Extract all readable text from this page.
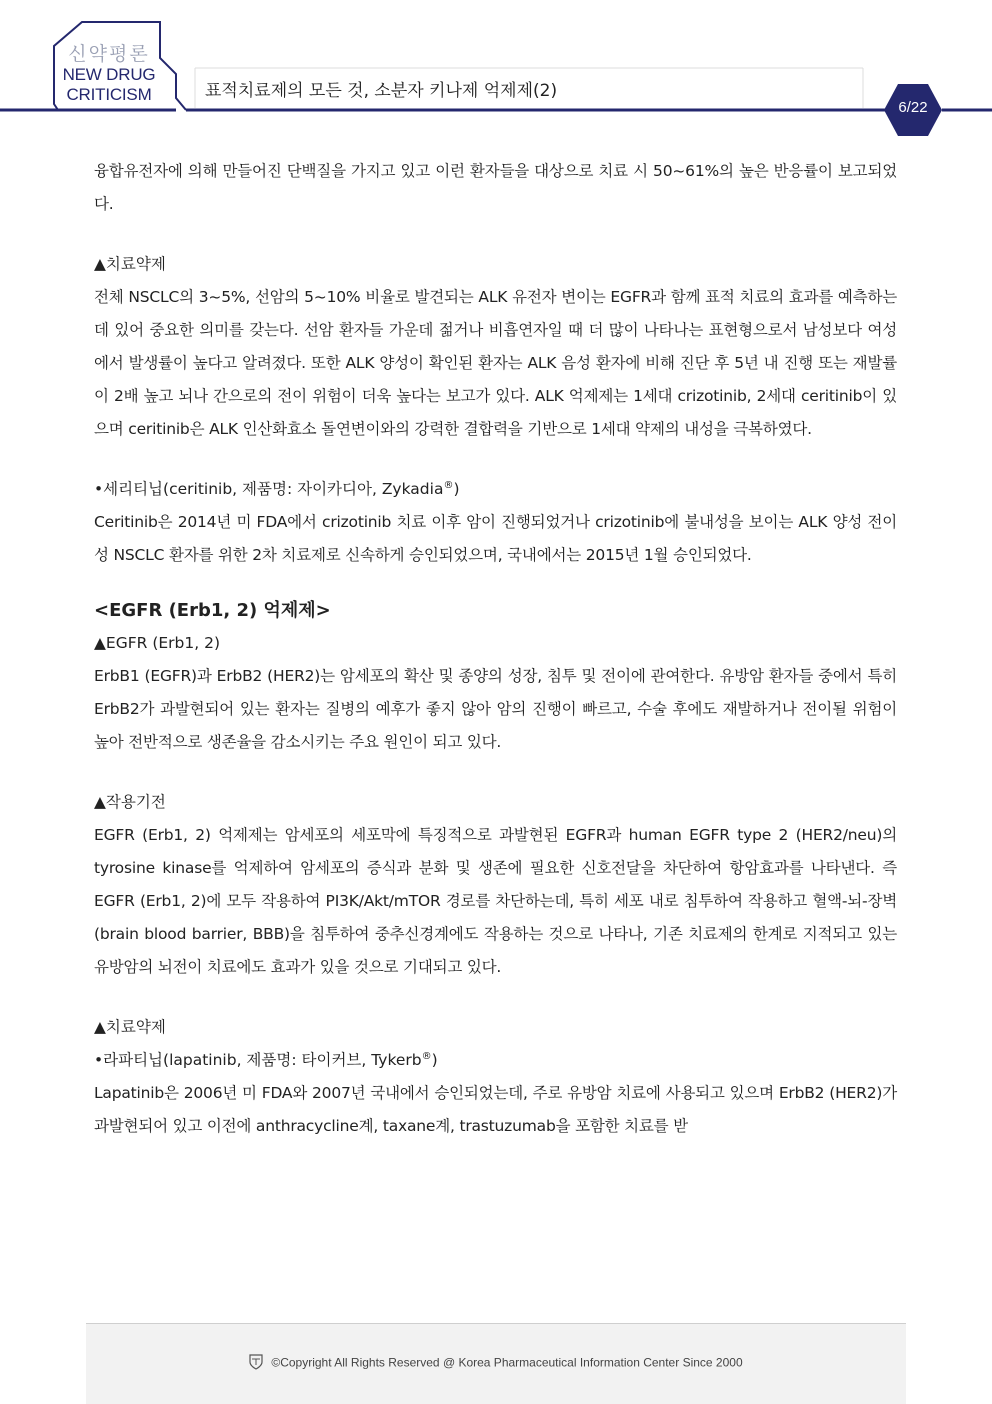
신약평론
NEW DRUG
CRITICISM	표적치료제의 모든 것, 소분자 키나제 억제제(2)
6/22

융합유전자에 의해 만들어진 단백질을 가지고 있고 이런 환자들을 대상으로 치료 시 50~61%의 높은 반응률이 보고되었다.

▲치료약제

전체 NSCLC의 3~5%, 선암의 5~10% 비율로 발견되는 ALK 유전자 변이는 EGFR과 함께 표적 치료의 효과를 예측하는 데 있어 중요한 의미를 갖는다. 선암 환자들 가운데 젊거나 비흡연자일 때 더 많이 나타나는 표현형으로서 남성보다 여성에서 발생률이 높다고 알려졌다. 또한 ALK 양성이 확인된 환자는 ALK 음성 환자에 비해 진단 후 5년 내 진행 또는 재발률이 2배 높고 뇌나 간으로의 전이 위험이 더욱 높다는 보고가 있다. ALK 억제제는 1세대 crizotinib, 2세대 ceritinib이 있으며 ceritinib은 ALK 인산화효소 돌연변이와의 강력한 결합력을 기반으로 1세대 약제의 내성을 극복하였다.

•세리티닙(ceritinib, 제품명: 자이카디아, Zykadia®)

Ceritinib은 2014년 미 FDA에서 crizotinib 치료 이후 암이 진행되었거나 crizotinib에 불내성을 보이는 ALK 양성 전이성 NSCLC 환자를 위한 2차 치료제로 신속하게 승인되었으며, 국내에서는 2015년 1월 승인되었다.

<EGFR (Erb1, 2) 억제제>

▲EGFR (Erb1, 2)

ErbB1 (EGFR)과 ErbB2 (HER2)는 암세포의 확산 및 종양의 성장, 침투 및 전이에 관여한다. 유방암 환자들 중에서 특히 ErbB2가 과발현되어 있는 환자는 질병의 예후가 좋지 않아 암의 진행이 빠르고, 수술 후에도 재발하거나 전이될 위험이 높아 전반적으로 생존율을 감소시키는 주요 원인이 되고 있다.

▲작용기전

EGFR (Erb1, 2) 억제제는 암세포의 세포막에 특징적으로 과발현된 EGFR과 human EGFR type 2 (HER2/neu)의 tyrosine kinase를 억제하여 암세포의 증식과 분화 및 생존에 필요한 신호전달을 차단하여 항암효과를 나타낸다. 즉 EGFR (Erb1, 2)에 모두 작용하여 PI3K/Akt/mTOR 경로를 차단하는데, 특히 세포 내로 침투하여 작용하고 혈액-뇌-장벽(brain blood barrier, BBB)을 침투하여 중추신경계에도 작용하는 것으로 나타나, 기존 치료제의 한계로 지적되고 있는 유방암의 뇌전이 치료에도 효과가 있을 것으로 기대되고 있다.

▲치료약제

•라파티닙(lapatinib, 제품명: 타이커브, Tykerb®)

Lapatinib은 2006년 미 FDA와 2007년 국내에서 승인되었는데, 주로 유방암 치료에 사용되고 있으며 ErbB2 (HER2)가 과발현되어 있고 이전에 anthracycline계, taxane계, trastuzumab을 포함한 치료를 받

©Copyright All Rights Reserved @ Korea Pharmaceutical Information Center Since 2000
